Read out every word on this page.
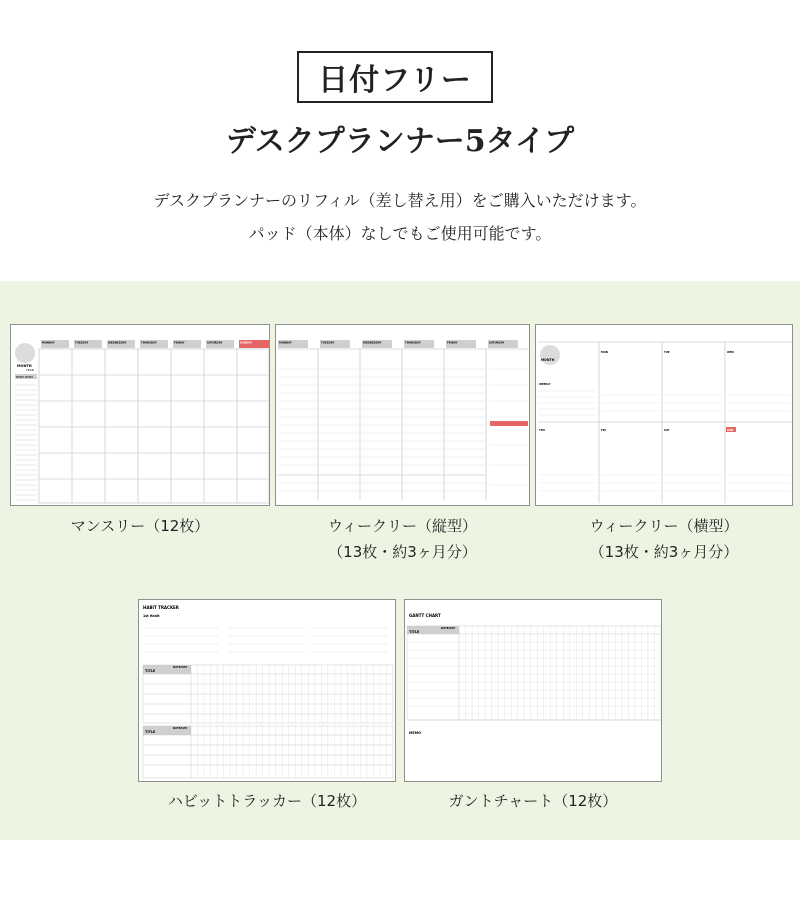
日付フリー
デスクプランナー5タイプ
デスクプランナーのリフィル（差し替え用）をご購入いただけます。
パッド（本体）なしでもご使用可能です。
MONTH
YEAR
MEMO MEMO
MONDAY	TUESDAY	WEDNESDAY	THURSDAY	FRIDAY	SATURDAY	SUNDAY
マンスリー（12枚）
MONDAY	TUESDAY	WEDNESDAY	THURSDAY	FRIDAY	SATURDAY
ウィークリー（縦型）
（13枚・約3ヶ月分）
MONTH
WEEKLY
MON	TUE	WED
THU	FRI	SAT	SUN
ウィークリー（横型）
（13枚・約3ヶ月分）
HABIT TRACKER
1st Habit
TITLE
DATE/DAY
TITLE
DATE/DAY
ハビットトラッカー（12枚）
GANTT CHART
TITLE
DATE/DAY
MEMO
ガントチャート（12枚）
